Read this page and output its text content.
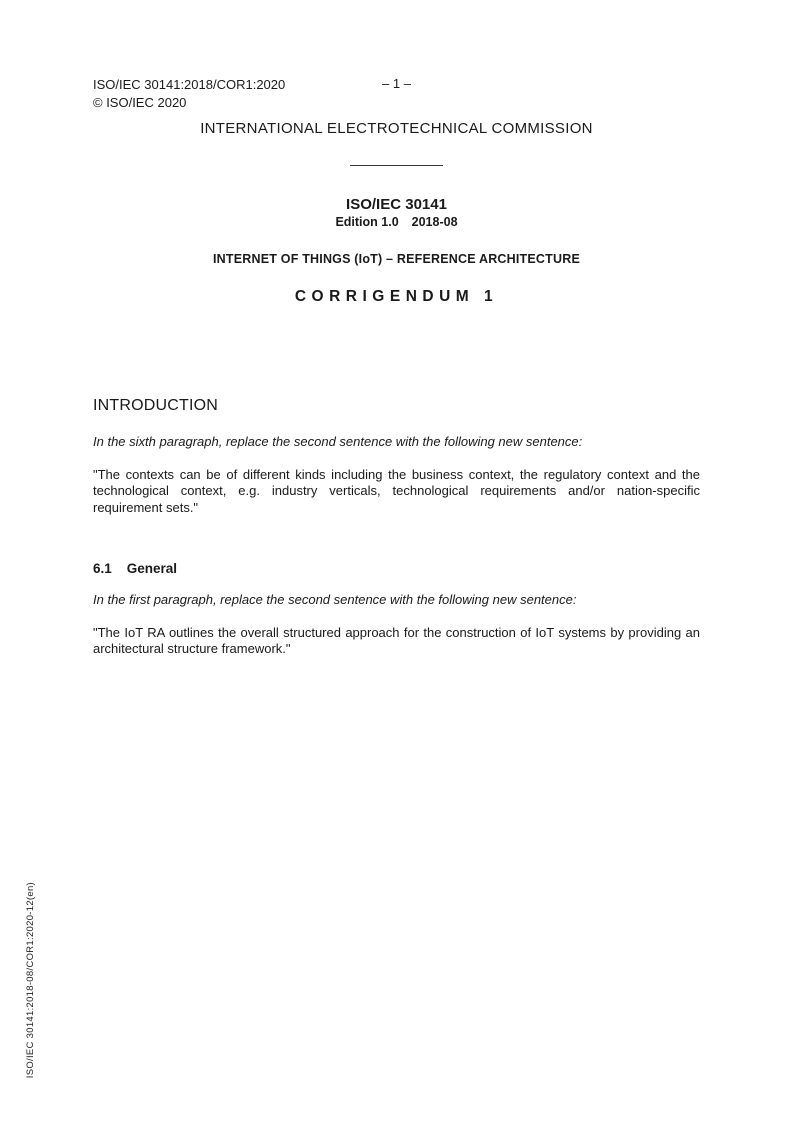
ISO/IEC 30141:2018/COR1:2020
© ISO/IEC 2020
– 1 –
INTERNATIONAL ELECTROTECHNICAL COMMISSION
ISO/IEC 30141
Edition 1.0 2018-08
INTERNET OF THINGS (IoT) – REFERENCE ARCHITECTURE
CORRIGENDUM 1
INTRODUCTION

In the sixth paragraph, replace the second sentence with the following new sentence:

"The contexts can be of different kinds including the business context, the regulatory context and the technological context, e.g. industry verticals, technological requirements and/or nation-specific requirement sets."

6.1 General

In the first paragraph, replace the second sentence with the following new sentence:

"The IoT RA outlines the overall structured approach for the construction of IoT systems by providing an architectural structure framework."

ISO/IEC 30141:2018-08/COR1:2020-12(en)
